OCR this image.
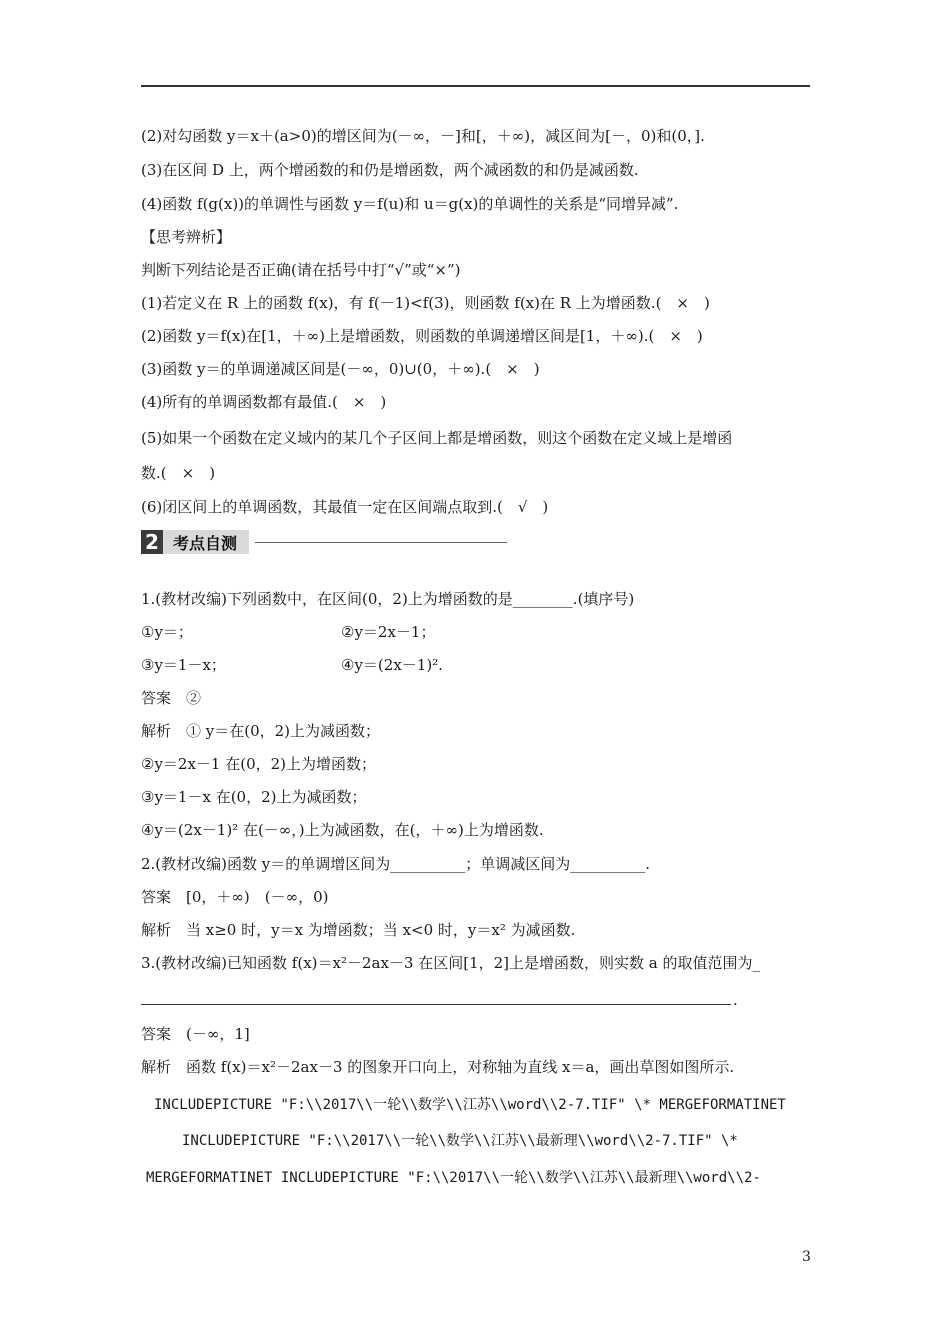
(2)对勾函数 y＝x＋(a>0)的增区间为(－∞，－]和[，＋∞)，减区间为[－，0)和(0，].
(3)在区间 D 上，两个增函数的和仍是增函数，两个减函数的和仍是减函数.
(4)函数 f(g(x))的单调性与函数 y＝f(u)和 u＝g(x)的单调性的关系是“同增异减”.
【思考辨析】
判断下列结论是否正确(请在括号中打“√”或“×”)
(1)若定义在 R 上的函数 f(x)，有 f(－1)<f(3)，则函数 f(x)在 R 上为增函数.(　×　)
(2)函数 y＝f(x)在[1，＋∞)上是增函数，则函数的单调递增区间是[1，＋∞).(　×　)
(3)函数 y＝的单调递减区间是(－∞，0)∪(0，＋∞).(　×　)
(4)所有的单调函数都有最值.(　×　)
(5)如果一个函数在定义域内的某几个子区间上都是增函数，则这个函数在定义域上是增函
数.(　×　)
(6)闭区间上的单调函数，其最值一定在区间端点取到.(　√　)
2 考点自测
1.(教材改编)下列函数中，在区间(0，2)上为增函数的是________.(填序号)
①y＝；	②y＝2x－1；
③y＝1－x；	④y＝(2x－1)².
答案　②
解析　① y＝在(0，2)上为减函数；
②y＝2x－1 在(0，2)上为增函数；
③y＝1－x 在(0，2)上为减函数；
④y＝(2x－1)² 在(－∞，)上为减函数，在(，＋∞)上为增函数.
2.(教材改编)函数 y＝的单调增区间为__________；单调减区间为__________.
答案　[0，＋∞)　(－∞，0)
解析　当 x≥0 时，y＝x 为增函数；当 x<0 时，y＝x² 为减函数.
3.(教材改编)已知函数 f(x)＝x²－2ax－3 在区间[1，2]上是增函数，则实数 a 的取值范围为_
.
答案　(－∞，1]
解析　函数 f(x)＝x²－2ax－3 的图象开口向上，对称轴为直线 x＝a，画出草图如图所示.
INCLUDEPICTURE "F:\\2017\\一轮\\数学\\江苏\\word\\2-7.TIF" \* MERGEFORMATINET
INCLUDEPICTURE "F:\\2017\\一轮\\数学\\江苏\\最新理\\word\\2-7.TIF" \*
MERGEFORMATINET INCLUDEPICTURE "F:\\2017\\一轮\\数学\\江苏\\最新理\\word\\2-
3
